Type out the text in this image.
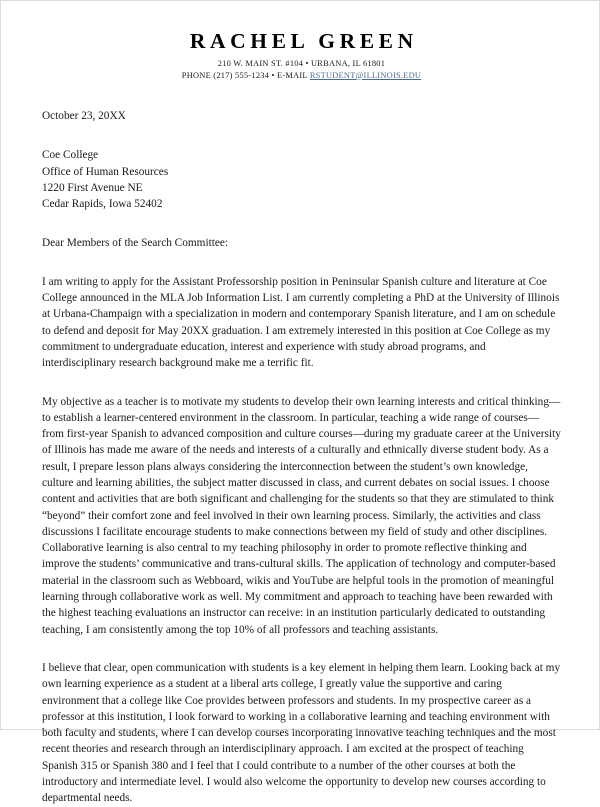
RACHEL GREEN
210 W. MAIN ST. #104 • URBANA, IL 61801
PHONE (217) 555-1234 • E-MAIL RSTUDENT@ILLINOIS.EDU
October 23, 20XX
Coe College
Office of Human Resources
1220 First Avenue NE
Cedar Rapids, Iowa 52402
Dear Members of the Search Committee:

I am writing to apply for the Assistant Professorship position in Peninsular Spanish culture and literature at Coe College announced in the MLA Job Information List. I am currently completing a PhD at the University of Illinois at Urbana-Champaign with a specialization in modern and contemporary Spanish literature, and I am on schedule to defend and deposit for May 20XX graduation. I am extremely interested in this position at Coe College as my commitment to undergraduate education, interest and experience with study abroad programs, and interdisciplinary research background make me a terrific fit.

My objective as a teacher is to motivate my students to develop their own learning interests and critical thinking—to establish a learner-centered environment in the classroom. In particular, teaching a wide range of courses—from first-year Spanish to advanced composition and culture courses—during my graduate career at the University of Illinois has made me aware of the needs and interests of a culturally and ethnically diverse student body. As a result, I prepare lesson plans always considering the interconnection between the student’s own knowledge, culture and learning abilities, the subject matter discussed in class, and current debates on social issues. I choose content and activities that are both significant and challenging for the students so that they are stimulated to think “beyond” their comfort zone and feel involved in their own learning process. Similarly, the activities and class discussions I facilitate encourage students to make connections between my field of study and other disciplines. Collaborative learning is also central to my teaching philosophy in order to promote reflective thinking and improve the students’ communicative and trans-cultural skills. The application of technology and computer-based material in the classroom such as Webboard, wikis and YouTube are helpful tools in the promotion of meaningful learning through collaborative work as well. My commitment and approach to teaching have been rewarded with the highest teaching evaluations an instructor can receive: in an institution particularly dedicated to outstanding teaching, I am consistently among the top 10% of all professors and teaching assistants.

I believe that clear, open communication with students is a key element in helping them learn. Looking back at my own learning experience as a student at a liberal arts college, I greatly value the supportive and caring environment that a college like Coe provides between professors and students. In my prospective career as a professor at this institution, I look forward to working in a collaborative learning and teaching environment with both faculty and students, where I can develop courses incorporating innovative teaching techniques and the most recent theories and research through an interdisciplinary approach. I am excited at the prospect of teaching Spanish 315 or Spanish 380 and I feel that I could contribute to a number of the other courses at both the introductory and intermediate level. I would also welcome the opportunity to develop new courses according to departmental needs.
